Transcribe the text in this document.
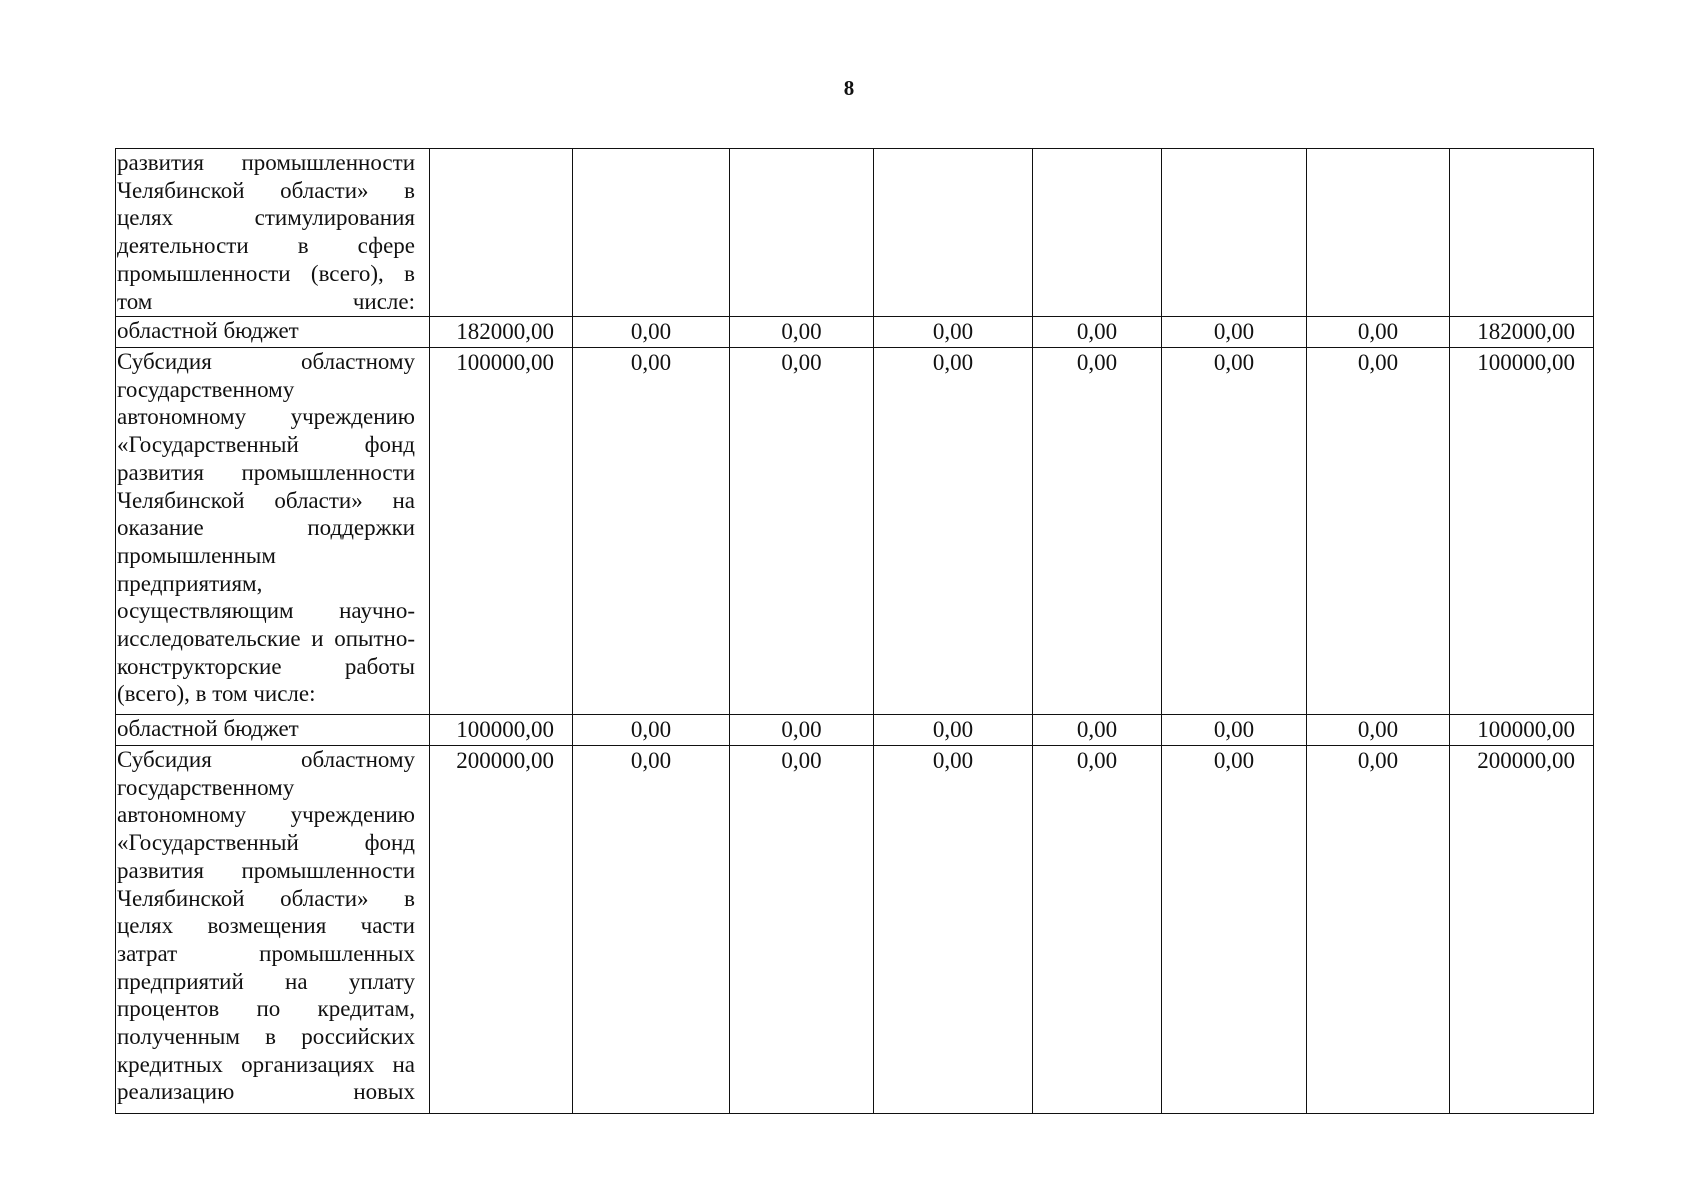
8
развития промышленности Челябинской области» в целях стимулирования деятельности в сфере промышленности (всего), в том числе:								
областной бюджет	182000,00	0,00	0,00	0,00	0,00	0,00	0,00	182000,00
Субсидия областному государственному автономному учреждению «Государственный фонд развития промышленности Челябинской области» на оказание поддержки промышленным предприятиям, осуществляющим научно-исследовательские и опытно-конструкторские работы (всего), в том числе:	100000,00	0,00	0,00	0,00	0,00	0,00	0,00	100000,00
областной бюджет	100000,00	0,00	0,00	0,00	0,00	0,00	0,00	100000,00
Субсидия областному государственному автономному учреждению «Государственный фонд развития промышленности Челябинской области» в целях возмещения части затрат промышленных предприятий на уплату процентов по кредитам, полученным в российских кредитных организациях на реализацию новых	200000,00	0,00	0,00	0,00	0,00	0,00	0,00	200000,00
